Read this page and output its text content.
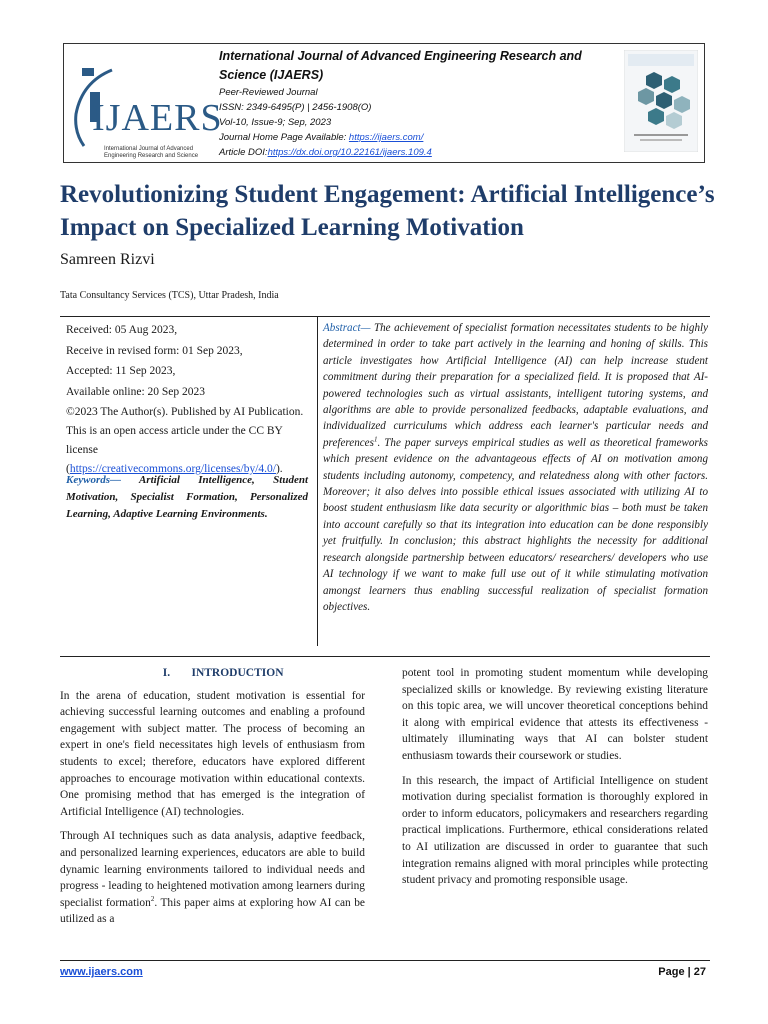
IJAERS
International Journal of Advanced
Engineering Research and Science
International Journal of Advanced Engineering Research and Science (IJAERS)
Peer-Reviewed Journal
ISSN: 2349-6495(P) | 2456-1908(O)
Vol-10, Issue-9; Sep, 2023
Journal Home Page Available: https://ijaers.com/
Article DOI:https://dx.doi.org/10.22161/ijaers.109.4
Revolutionizing Student Engagement: Artificial Intelligence’s Impact on Specialized Learning Motivation

Samreen Rizvi

Tata Consultancy Services (TCS), Uttar Pradesh, India

Received: 05 Aug 2023,

Receive in revised form: 01 Sep 2023,

Accepted: 11 Sep 2023,

Available online: 20 Sep 2023

©2023 The Author(s). Published by AI Publication. This is an open access article under the CC BY license (https://creativecommons.org/licenses/by/4.0/).

Keywords— Artificial Intelligence, Student Motivation, Specialist Formation, Personalized Learning, Adaptive Learning Environments.

Abstract— The achievement of specialist formation necessitates students to be highly determined in order to take part actively in the learning and honing of skills. This article investigates how Artificial Intelligence (AI) can help increase student commitment during their preparation for a specialized field. It is proposed that AI-powered technologies such as virtual assistants, intelligent tutoring systems, and algorithms are able to provide personalized feedbacks, adaptable evaluations, and individualized curriculums which address each learner's particular needs and preferences$^1$. The paper surveys empirical studies as well as theoretical frameworks which present evidence on the advantageous effects of AI on motivation among students including autonomy, competency, and relatedness along with other factors. Moreover; it also delves into possible ethical issues associated with utilizing AI to boost student enthusiasm like data security or algorithmic bias – both must be taken into account carefully so that its integration into education can be done responsibly yet fruitfully. In conclusion; this abstract highlights the necessity for additional research alongside partnership between educators/ researchers/ developers who use AI technology if we want to make full use out of it while stimulating motivation amongst learners thus enabling successful realization of specialist formation objectives.

I. INTRODUCTION

In the arena of education, student motivation is essential for achieving successful learning outcomes and enabling a profound engagement with subject matter. The process of becoming an expert in one's field necessitates high levels of enthusiasm from students to excel; therefore, educators have explored different approaches to encourage motivation within educational contexts. One promising method that has emerged is the integration of Artificial Intelligence (AI) technologies.

Through AI techniques such as data analysis, adaptive feedback, and personalized learning experiences, educators are able to build dynamic learning environments tailored to individual needs and progress - leading to heightened motivation among learners during specialist formation$^2$. This paper aims at exploring how AI can be utilized as a

potent tool in promoting student momentum while developing specialized skills or knowledge. By reviewing existing literature on this topic area, we will uncover theoretical conceptions behind it along with empirical evidence that attests its effectiveness - ultimately illuminating ways that AI can bolster student enthusiasm towards their coursework or studies.

In this research, the impact of Artificial Intelligence on student motivation during specialist formation is thoroughly explored in order to inform educators, policymakers and researchers regarding practical implications. Furthermore, ethical considerations related to AI utilization are discussed in order to guarantee that such integration remains aligned with moral principles while protecting student privacy and promoting responsible usage.

www.ijaers.com	Page | 27
